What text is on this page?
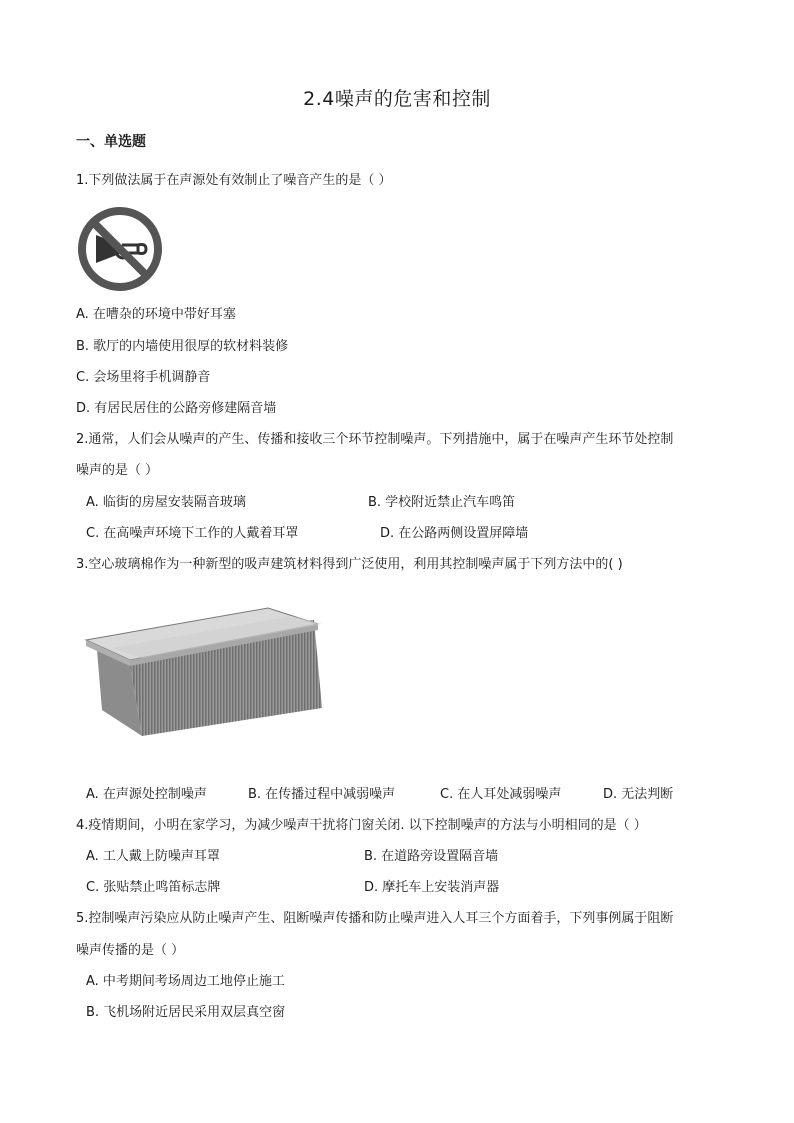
2.4噪声的危害和控制
一、单选题
1.下列做法属于在声源处有效制止了噪音产生的是（ ）
A. 在嘈杂的环境中带好耳塞
B. 歌厅的内墙使用很厚的软材料装修
C. 会场里将手机调静音
D. 有居民居住的公路旁修建隔音墙
2.通常，人们会从噪声的产生、传播和接收三个环节控制噪声。下列措施中，属于在噪声产生环节处控制
噪声的是（ ）
A. 临街的房屋安装隔音玻璃	B. 学校附近禁止汽车鸣笛
C. 在高噪声环境下工作的人戴着耳罩	D. 在公路两侧设置屏障墙
3.空心玻璃棉作为一种新型的吸声建筑材料得到广泛使用，利用其控制噪声属于下列方法中的( )
A. 在声源处控制噪声	B. 在传播过程中减弱噪声	C. 在人耳处减弱噪声	D. 无法判断
4.疫情期间，小明在家学习，为减少噪声干扰将门窗关闭. 以下控制噪声的方法与小明相同的是（ ）
A. 工人戴上防噪声耳罩	B. 在道路旁设置隔音墙
C. 张贴禁止鸣笛标志牌	D. 摩托车上安装消声器
5.控制噪声污染应从防止噪声产生、阻断噪声传播和防止噪声进入人耳三个方面着手，下列事例属于阻断
噪声传播的是（ ）
A. 中考期间考场周边工地停止施工
B. 飞机场附近居民采用双层真空窗
